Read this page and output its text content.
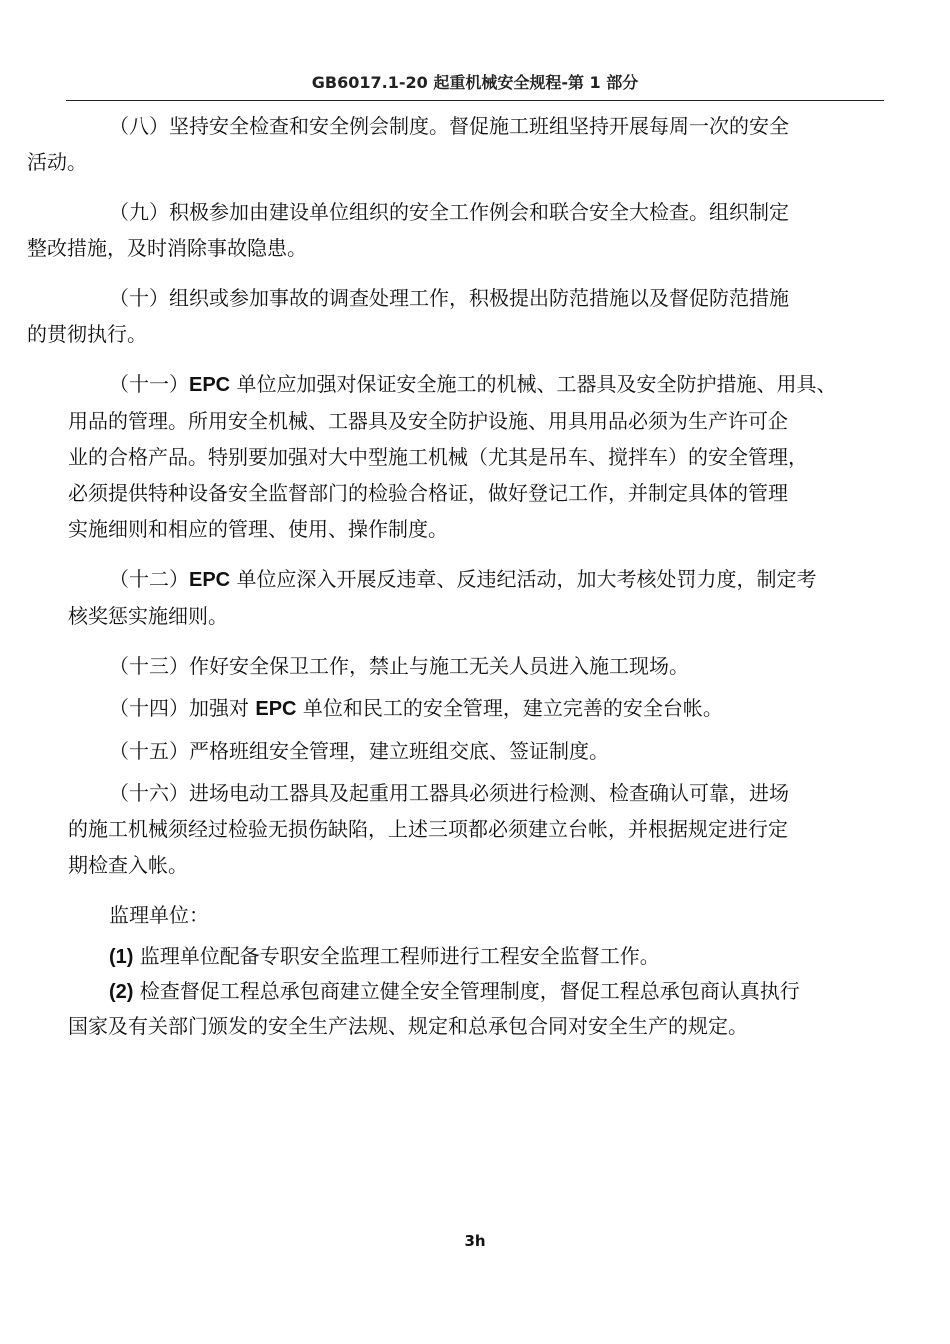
GB6017.1-20 起重机械安全规程-第 1 部分
（八）坚持安全检查和安全例会制度。督促施工班组坚持开展每周一次的安全
活动。
（九）积极参加由建设单位组织的安全工作例会和联合安全大检查。组织制定
整改措施，及时消除事故隐患。
（十）组织或参加事故的调查处理工作，积极提出防范措施以及督促防范措施
的贯彻执行。
（十一）EPC 单位应加强对保证安全施工的机械、工器具及安全防护措施、用具、
用品的管理。所用安全机械、工器具及安全防护设施、用具用品必须为生产许可企
业的合格产品。特别要加强对大中型施工机械（尤其是吊车、搅拌车）的安全管理，
必须提供特种设备安全监督部门的检验合格证，做好登记工作，并制定具体的管理
实施细则和相应的管理、使用、操作制度。
（十二）EPC 单位应深入开展反违章、反违纪活动，加大考核处罚力度，制定考
核奖惩实施细则。
（十三）作好安全保卫工作，禁止与施工无关人员进入施工现场。
（十四）加强对 EPC 单位和民工的安全管理，建立完善的安全台帐。
（十五）严格班组安全管理，建立班组交底、签证制度。
（十六）进场电动工器具及起重用工器具必须进行检测、检查确认可靠，进场
的施工机械须经过检验无损伤缺陷，上述三项都必须建立台帐，并根据规定进行定
期检查入帐。
监理单位：
(1) 监理单位配备专职安全监理工程师进行工程安全监督工作。
(2) 检查督促工程总承包商建立健全安全管理制度，督促工程总承包商认真执行
国家及有关部门颁发的安全生产法规、规定和总承包合同对安全生产的规定。
3h
